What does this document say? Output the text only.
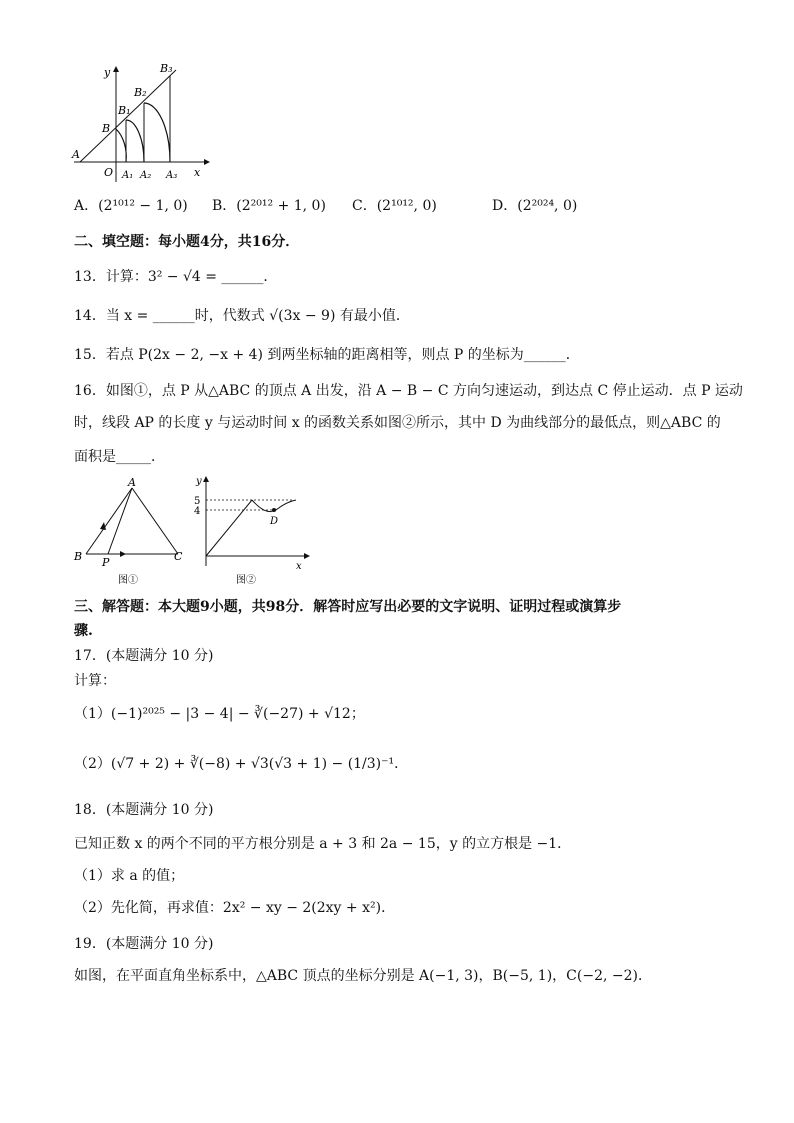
y
x
A
B
B₁
B₂
B₃
O A₁ A₂ A₃
A．(2¹⁰¹² − 1, 0) B．(2²⁰¹² + 1, 0) C．(2¹⁰¹², 0)	D．(2²⁰²⁴, 0)
二、填空题：每小题4分，共16分．
13．计算：3² − √4 = ______．
14．当 x = ______时，代数式 √(3x − 9) 有最小值．
15．若点 P(2x − 2, −x + 4) 到两坐标轴的距离相等，则点 P 的坐标为______．
16．如图①，点 P 从△ABC 的顶点 A 出发，沿 A − B − C 方向匀速运动，到达点 C 停止运动．点 P 运动
时，线段 AP 的长度 y 与运动时间 x 的函数关系如图②所示，其中 D 为曲线部分的最低点，则△ABC 的
面积是_____．
A
B	C
P
图①
y
x
5
4
D
图②
三、解答题：本大题9小题，共98分．解答时应写出必要的文字说明、证明过程或演算步
骤.
17．(本题满分 10 分)
计算：
（1）(−1)²⁰²⁵ − |3 − 4| − ∛(−27) + √12；
（2）(√7 + 2) + ∛(−8) + √3(√3 + 1) − (1/3)⁻¹．
18．(本题满分 10 分)
已知正数 x 的两个不同的平方根分别是 a + 3 和 2a − 15，y 的立方根是 −1．
（1）求 a 的值；
（2）先化简，再求值：2x² − xy − 2(2xy + x²)．
19．(本题满分 10 分)
如图，在平面直角坐标系中，△ABC 顶点的坐标分别是 A(−1, 3)，B(−5, 1)，C(−2, −2)．
